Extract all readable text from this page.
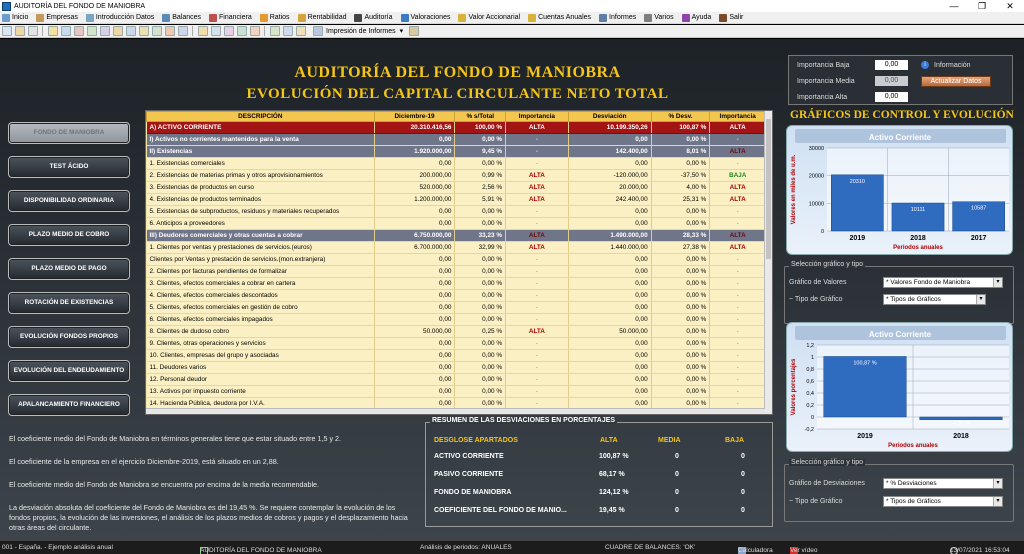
AUDITORÍA DEL FONDO DE MANIOBRA	—	❐	✕
Inicio	Empresas	Introducción Datos	Balances	Financiera	Ratios	Rentabilidad	Auditoría	Valoraciones	Valor Accionarial	Cuentas Anuales	Informes	Varios	Ayuda	Salir
Impresión de Informes ▾
AUDITORÍA DEL FONDO DE MANIOBRA
EVOLUCIÓN DEL CAPITAL CIRCULANTE NETO TOTAL
Importancia Baja	0,00
Importancia Media	0,00
Importancia Alta	0,00
i	Información
Actualizar Datos
GRÁFICOS DE CONTROL Y EVOLUCIÓN
FONDO DE MANIOBRA
TEST ÁCIDO
DISPONIBILIDAD ORDINARIA
PLAZO MEDIO DE COBRO
PLAZO MEDIO DE PAGO
ROTACIÓN DE EXISTENCIAS
EVOLUCIÓN FONDOS PROPIOS
EVOLUCIÓN DEL ENDEUDAMIENTO
APALANCAMIENTO FINANCIERO
DESCRIPCIÓN	Diciembre-19	% s/Total	Importancia	Desviación	% Desv.	Importancia
A) ACTIVO CORRIENTE	20.310.416,56	100,00 %	ALTA	10.199.350,26	100,87 %	ALTA
I) Activos no corrientes mantenidos para la venta	0,00	0,00 %	-	0,00	0,00 %	-
II) Existencias	1.920.000,00	9,45 %	-	142.400,00	8,01 %	ALTA
1. Existencias comerciales	0,00	0,00 %	-	0,00	0,00 %	-
2. Existencias de materias primas y otros aprovisionamientos	200.000,00	0,99 %	ALTA	-120.000,00	-37,50 %	BAJA
3. Existencias de productos en curso	520.000,00	2,56 %	ALTA	20.000,00	4,00 %	ALTA
4. Existencias de productos terminados	1.200.000,00	5,91 %	ALTA	242.400,00	25,31 %	ALTA
5. Existencias de subproductos, residuos y materiales recuperados	0,00	0,00 %	-	0,00	0,00 %	-
6. Anticipos a proveedores	0,00	0,00 %	-	0,00	0,00 %	-
III) Deudores comerciales y otras cuentas a cobrar	6.750.000,00	33,23 %	ALTA	1.490.000,00	28,33 %	ALTA
1. Clientes por ventas y prestaciones de servicios.(euros)	6.700.000,00	32,99 %	ALTA	1.440.000,00	27,38 %	ALTA
Clientes por Ventas y prestación de servicios.(mon.extranjera)	0,00	0,00 %	-	0,00	0,00 %	-
2. Clientes por facturas pendientes de formalizar	0,00	0,00 %	-	0,00	0,00 %	-
3. Clientes, efectos comerciales a cobrar en cartera	0,00	0,00 %	-	0,00	0,00 %	-
4. Clientes, efectos comerciales descontados	0,00	0,00 %	-	0,00	0,00 %	-
5. Clientes, efectos comerciales en gestión de cobro	0,00	0,00 %	-	0,00	0,00 %	-
6. Clientes, efectos comerciales impagados	0,00	0,00 %	-	0,00	0,00 %	-
8. Clientes de dudoso cobro	50.000,00	0,25 %	ALTA	50.000,00	0,00 %	-
9. Clientes, otras operaciones y servicios	0,00	0,00 %	-	0,00	0,00 %	-
10. Clientes, empresas del grupo y asociadas	0,00	0,00 %	-	0,00	0,00 %	-
11. Deudores varios	0,00	0,00 %	-	0,00	0,00 %	-
12. Personal deudor	0,00	0,00 %	-	0,00	0,00 %	-
13. Activos por impuesto corriente	0,00	0,00 %	-	0,00	0,00 %	-
14. Hacienda Pública, deudora por I.V.A.	0,00	0,00 %	-	0,00	0,00 %	-
Activo Corriente
0
10000
20000
30000
20310
2019
10111
2018
10587
2017
Periodos anuales
Valores en miles de u.m.
Selección gráfico y tipo
Gráfico de Valores	* Valores Fondo de Maniobra	▾
~ Tipo de Gráfico	* Tipos de Gráficos	▾
Activo Corriente
-0,2
0
0,2
0,4
0,6
0,8
1
1,2
100,87 %
2019
-4,50 %
2018
Periodos anuales
Valores porcentajes
Selección gráfico y tipo
Gráfico de Desviaciones	* % Desviaciones	▾
~ Tipo de Gráfico	* Tipos de Gráficos	▾

El coeficiente medio del Fondo de Maniobra en términos generales tiene que estar situado entre 1,5 y 2.

El coeficiente de la empresa en el ejercicio Diciembre-2019, está situado en un 2,88.

El coeficiente medio del Fondo de Maniobra se encuentra por encima de la media recomendable.

La desviación absoluta del coeficiente del Fondo de Maniobra es del 19,45 %. Se requiere contemplar la evolución de los fondos propios, la evolución de las inversiones, el análisis de los plazos medios de cobros y pagos y el desplazamiento hacia otras áreas del circulante.

RESUMEN DE LAS DESVIACIONES EN PORCENTAJES
DESGLOSE APARTADOS	ALTA	MEDIA	BAJA
ACTIVO CORRIENTE	100,87 %	0	0
PASIVO CORRIENTE	68,17 %	0	0
FONDO DE MANIOBRA	124,12 %	0	0
COEFICIENTE DEL FONDO DE MANIO...	19,45 %	0	0
001 - España. - Ejemplo análisis anual	AUDITORÍA DEL FONDO DE MANIOBRA	Análisis de periodos: ANUALES	CUADRE DE BALANCES: 'OK'	Calculadora	Ver vídeo	13/07/2021 16:53:04
